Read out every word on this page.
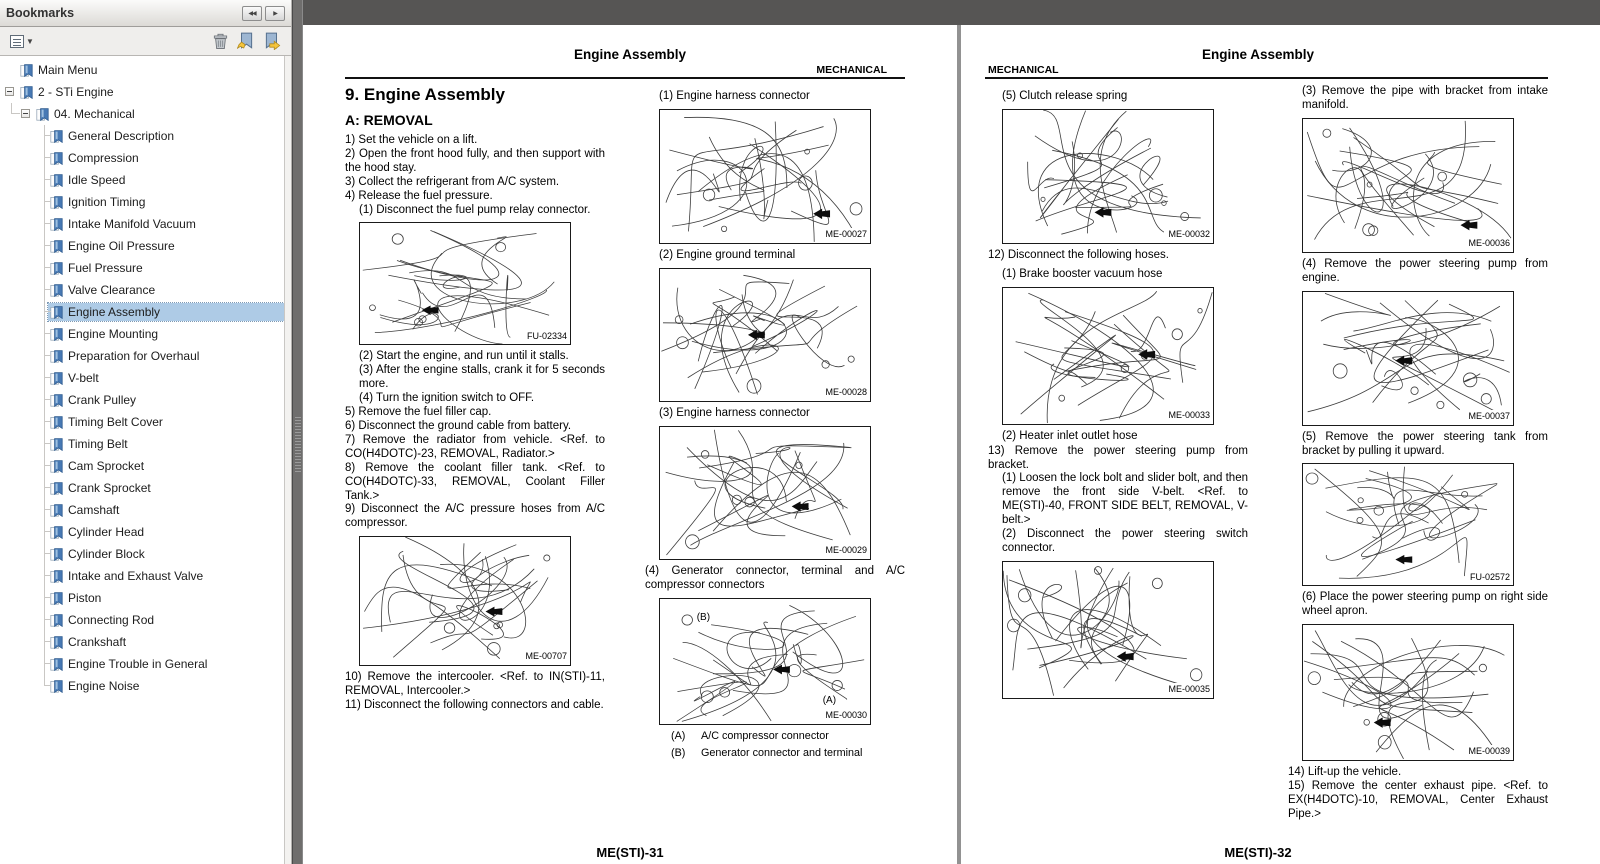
Bookmarks	◀◀	▶
▼
Main Menu
2 - STi Engine
04. Mechanical
General Description
Compression
Idle Speed
Ignition Timing
Intake Manifold Vacuum
Engine Oil Pressure
Fuel Pressure
Valve Clearance
Engine Assembly
Engine Mounting
Preparation for Overhaul
V-belt
Crank Pulley
Timing Belt Cover
Timing Belt
Cam Sprocket
Crank Sprocket
Camshaft
Cylinder Head
Cylinder Block
Intake and Exhaust Valve
Piston
Connecting Rod
Crankshaft
Engine Trouble in General
Engine Noise
Engine Assembly
MECHANICAL
9. Engine Assembly
A: REMOVAL
1) Set the vehicle on a lift.
2) Open the front hood fully, and then support with the hood stay.
3) Collect the refrigerant from A/C system.
4) Release the fuel pressure.
(1) Disconnect the fuel pump relay connector.
FU-02334
(2) Start the engine, and run until it stalls.
(3) After the engine stalls, crank it for 5 seconds more.
(4) Turn the ignition switch to OFF.
5) Remove the fuel filler cap.
6) Disconnect the ground cable from battery.
7) Remove the radiator from vehicle. <Ref. to CO(H4DOTC)-23, REMOVAL, Radiator.>
8) Remove the coolant filler tank. <Ref. to CO(H4DOTC)-33, REMOVAL, Coolant Filler Tank.>
9) Disconnect the A/C pressure hoses from A/C compressor.
ME-00707
10) Remove the intercooler. <Ref. to IN(STI)-11, REMOVAL, Intercooler.>
11) Disconnect the following connectors and cable.
(1) Engine harness connector
ME-00027
(2) Engine ground terminal
ME-00028
(3) Engine harness connector
ME-00029
(4) Generator connector, terminal and A/C compressor connectors
(B)
(A)
ME-00030
(A)	A/C compressor connector
(B)	Generator connector and terminal
ME(STI)-31
Engine Assembly
MECHANICAL
(5) Clutch release spring
ME-00032
12) Disconnect the following hoses.
(1) Brake booster vacuum hose
ME-00033
(2) Heater inlet outlet hose
13) Remove the power steering pump from bracket.
(1) Loosen the lock bolt and slider bolt, and then remove the front side V-belt. <Ref. to ME(STI)-40, FRONT SIDE BELT, REMOVAL, V-belt.>
(2) Disconnect the power steering switch connector.
ME-00035
(3) Remove the pipe with bracket from intake manifold.
ME-00036
(4) Remove the power steering pump from engine.
ME-00037
(5) Remove the power steering tank from bracket by pulling it upward.
FU-02572
(6) Place the power steering pump on right side wheel apron.
ME-00039
14) Lift-up the vehicle.
15) Remove the center exhaust pipe. <Ref. to EX(H4DOTC)-10, REMOVAL, Center Exhaust Pipe.>
ME(STI)-32
